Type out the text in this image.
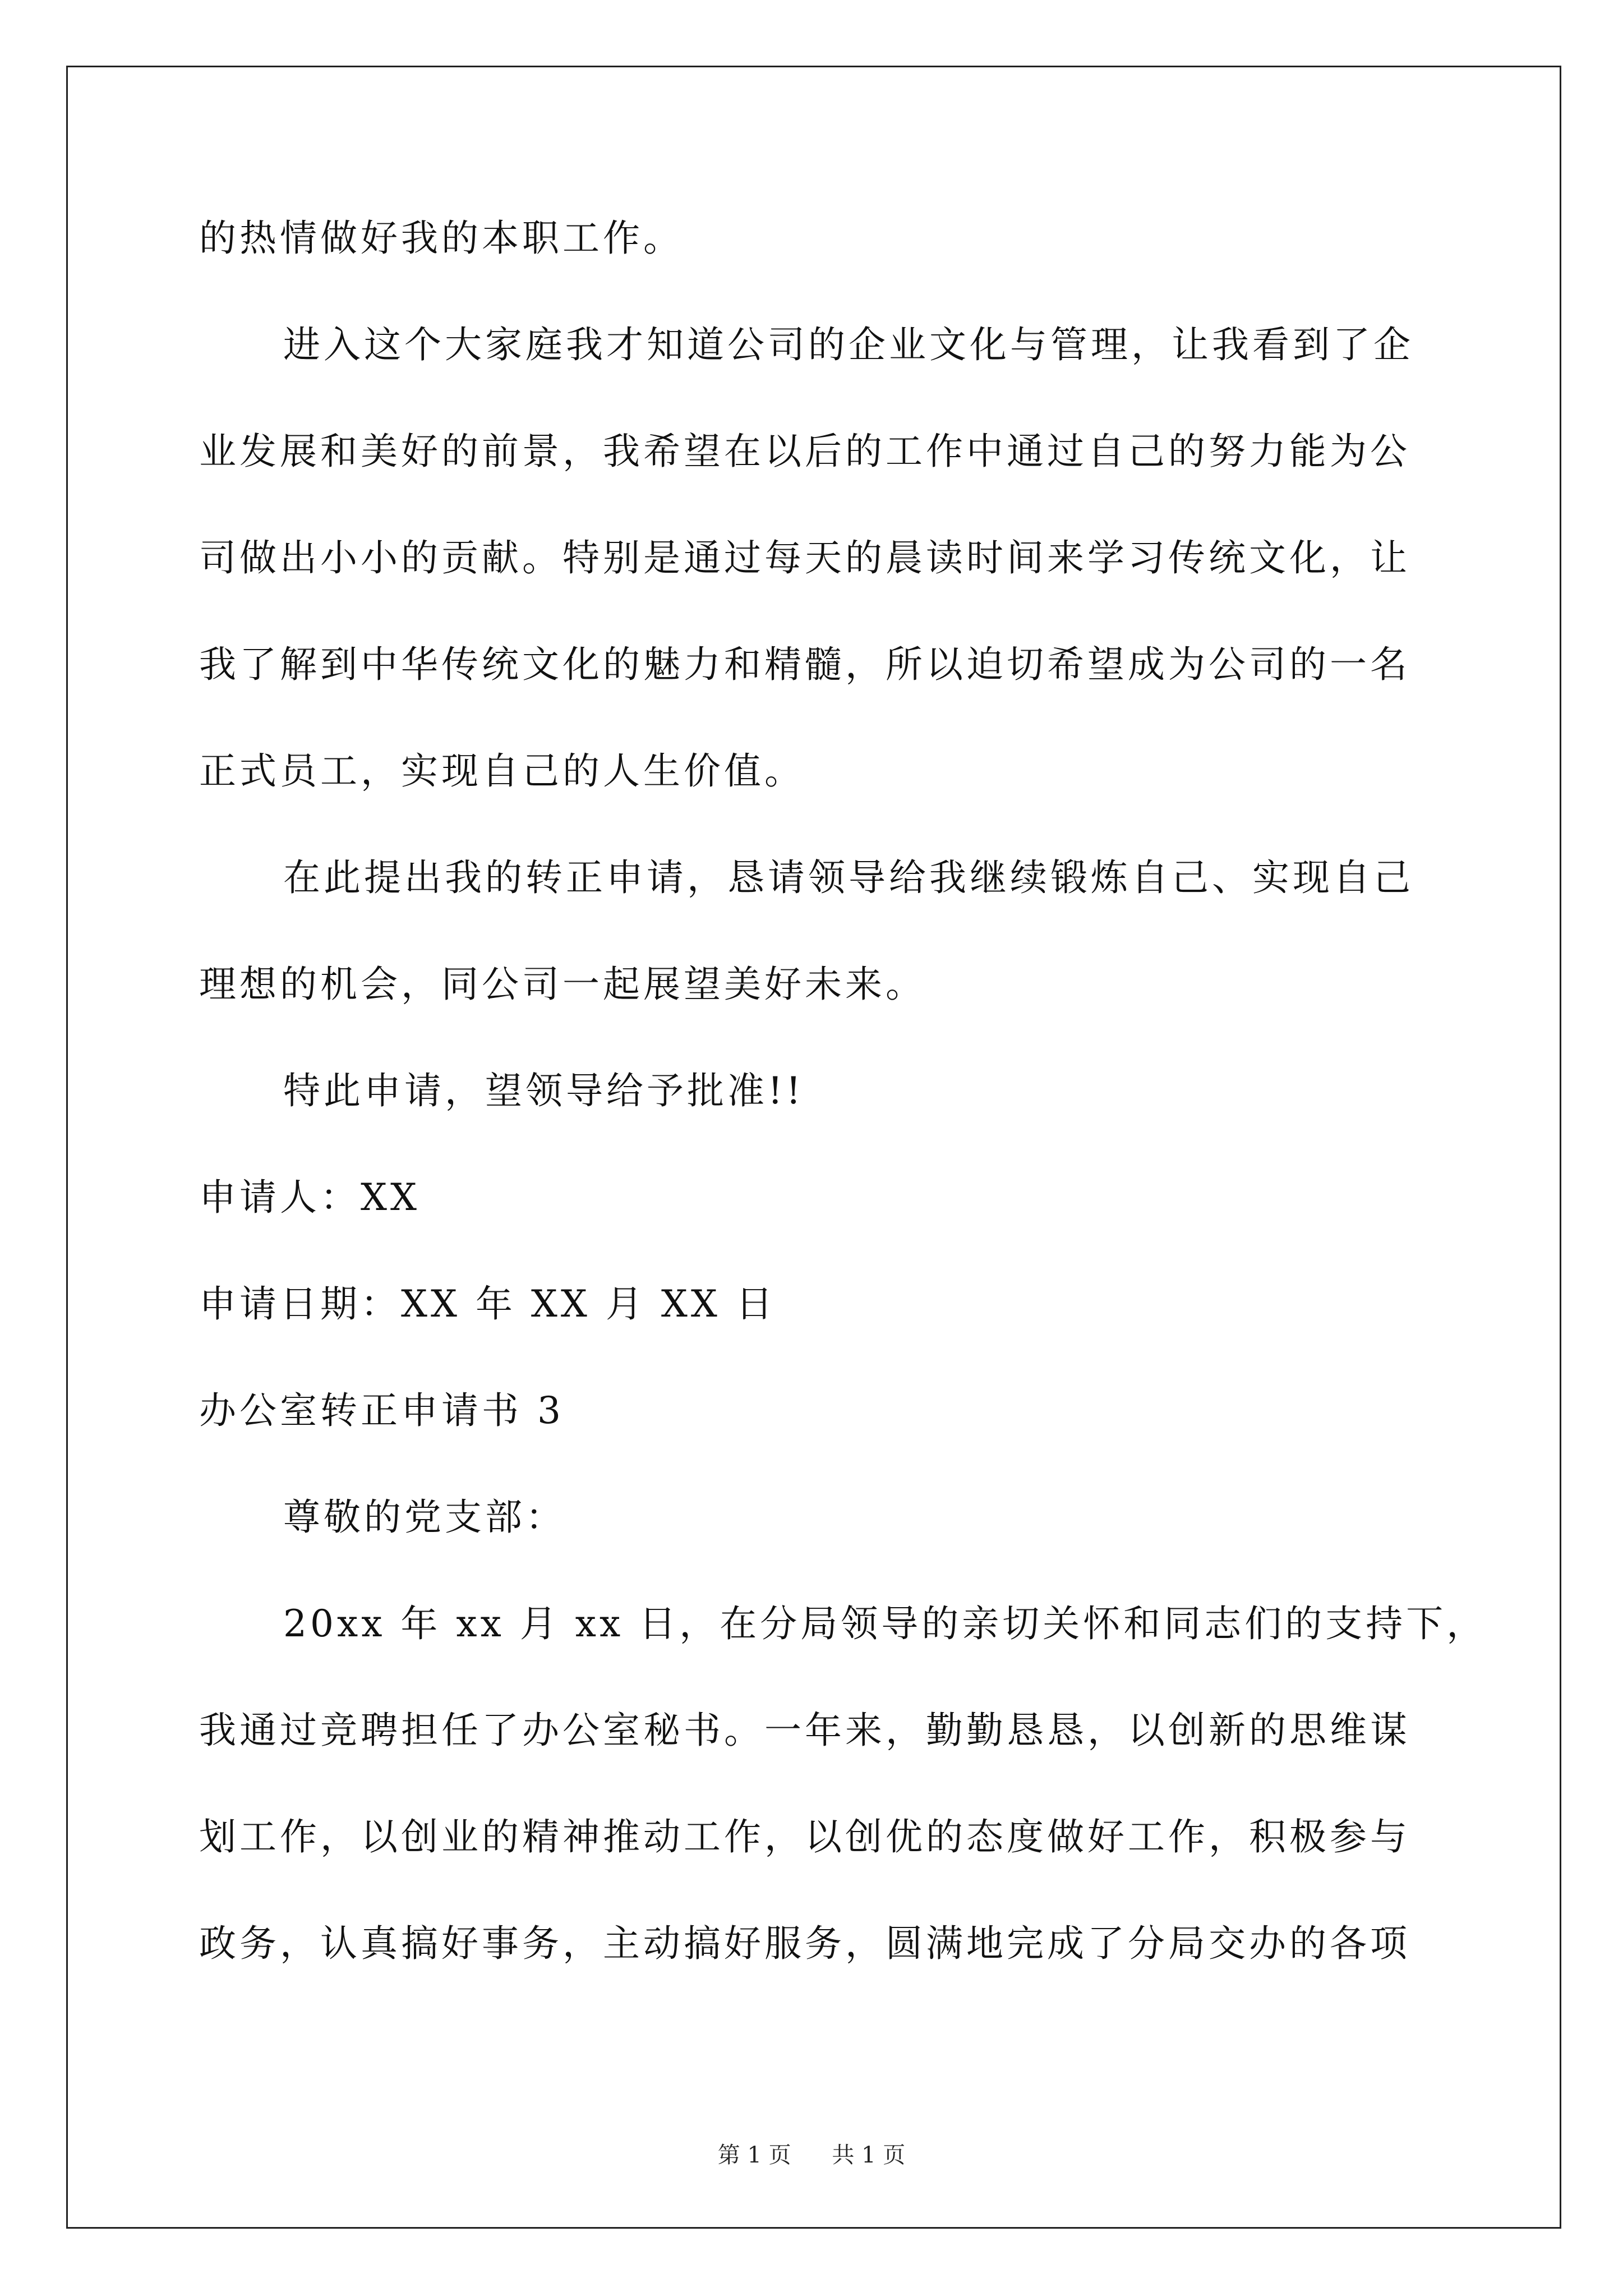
的热情做好我的本职工作。
进入这个大家庭我才知道公司的企业文化与管理，让我看到了企
业发展和美好的前景，我希望在以后的工作中通过自己的努力能为公
司做出小小的贡献。特别是通过每天的晨读时间来学习传统文化，让
我了解到中华传统文化的魅力和精髓，所以迫切希望成为公司的一名
正式员工，实现自己的人生价值。
在此提出我的转正申请，恳请领导给我继续锻炼自己、实现自己
理想的机会，同公司一起展望美好未来。
特此申请，望领导给予批准!!
申请人：XX
申请日期：XX 年 XX 月 XX 日
办公室转正申请书 3
尊敬的党支部：
20xx 年 xx 月 xx 日，在分局领导的亲切关怀和同志们的支持下，
我通过竞聘担任了办公室秘书。一年来，勤勤恳恳，以创新的思维谋
划工作，以创业的精神推动工作，以创优的态度做好工作，积极参与
政务，认真搞好事务，主动搞好服务，圆满地完成了分局交办的各项
第 1 页 共 1 页
